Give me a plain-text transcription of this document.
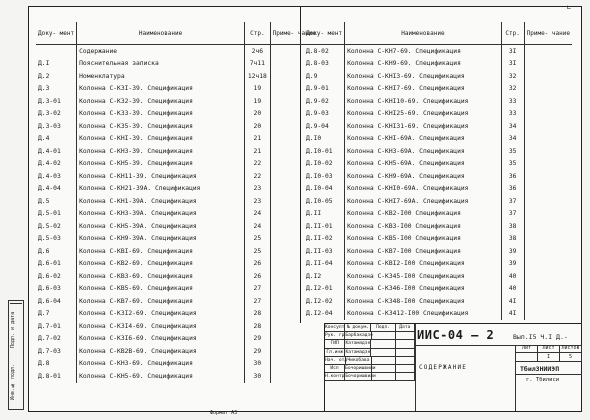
Подп. и дата
Инв.№ подл.
Доку- мент	Наименование	Стр.	Приме- чание
	Содержание	2ч6	
Д.I	Пояснительная записка	7ч11	
Д.2	Номенклатура	12ч18	
Д.3	Колонна С-КЗI-39. Спецификация	19	
Д.3-01	Колонна С-КЗ2-39. Спецификация	19	
Д.3-02	Колонна С-КЗ3-39. Спецификация	20	
Д.3-03	Колонна С-КЗ5-39. Спецификация	20	
Д.4	Колонна С-КНI-39. Спецификация	21	
Д.4-01	Колонна С-КН3-39. Спецификация	21	
Д.4-02	Колонна С-КН5-39. Спецификация	22	
Д.4-03	Колонна С-КН11-39. Спецификация	22	
Д.4-04	Колонна С-КН21-39А. Спецификация	23	
Д.5	Колонна С-КН1-39А. Спецификация	23	
Д.5-01	Колонна С-КН3-39А. Спецификация	24	
Д.5-02	Колонна С-КН5-39А. Спецификация	24	
Д.5-03	Колонна С-КН9-39А. Спецификация	25	
Д.6	Колонна С-КВI-69. Спецификация	25	
Д.6-01	Колонна С-КВ2-69. Спецификация	26	
Д.6-02	Колонна С-КВ3-69. Спецификация	26	
Д.6-03	Колонна С-КВ5-69. Спецификация	27	
Д.6-04	Колонна С-КВ7-69. Спецификация	27	
Д.7	Колонна С-КЗI2-69. Спецификация	28	
Д.7-01	Колонна С-КЗI4-69. Спецификация	28	
Д.7-02	Колонна С-КЗI6-69. Спецификация	29	
Д.7-03	Колонна С-КВ2В-69. Спецификация	29	
Д.8	Колонна С-КН3-69. Спецификация	30	
Д.8-01	Колонна С-КН5-69. Спецификация	30	
Доку- мент	Наименование	Стр.	Приме- чание
Д.8-02	Колонна С-КН7-69. Спецификация	3I	
Д.8-03	Колонна С-КН9-69. Спецификация	3I	
Д.9	Колонна С-КНI3-69. Спецификация	32	
Д.9-01	Колонна С-КНI7-69. Спецификация	32	
Д.9-02	Колонна С-КНI10-69. Спецификация	33	
Д.9-03	Колонна С-КНI25-69. Спецификация	33	
Д.9-04	Колонна С-КНI31-69. Спецификация	34	
Д.I0	Колонна С-КНI-69А. Спецификация	34	
Д.I0-01	Колонна С-КН3-69А. Спецификация	35	
Д.I0-02	Колонна С-КН5-69А. Спецификация	35	
Д.I0-03	Колонна С-КН9-69А. Спецификация	36	
Д.I0-04	Колонна С-КНI0-69А. Спецификация	36	
Д.I0-05	Колонна С-КНI7-69А. Спецификация	37	
Д.II	Колонна С-КВ2-I00 Спецификация	37	
Д.II-01	Колонна С-КВ3-I00 Спецификация	38	
Д.II-02	Колонна С-КВ5-I00 Спецификация	38	
Д.II-03	Колонна С-КВ7-I00 Спецификация	39	
Д.II-04	Колонна С-КВI2-I00 Спецификация	39	
Д.I2	Колонна С-КЗ45-I00 Спецификация	40	
Д.I2-01	Колонна С-КЗ46-I00 Спецификация	40	
Д.I2-02	Колонна С-КЗ48-I00 Спецификация	4I	
Д.I2-04	Колонна С-КЗ412-I00 Спецификация	4I	
Консулт № докум.	Подп.	Дата
Рук. гр Барбакадзе
ГИП	Катамадзе
Гл.инж Катамадзе
Нач. отд Чикобава
Исп	Бочоришвили
Н.контр Бочоришвили
ИИС-04 — 2	Вып.I5 Ч.I Д.-
СОДЕРЖАНИЕ
Лит	Лист	Листов
I	5
ТбилЗНИИЭП
г. Тбилиси
Формат А3
∟
